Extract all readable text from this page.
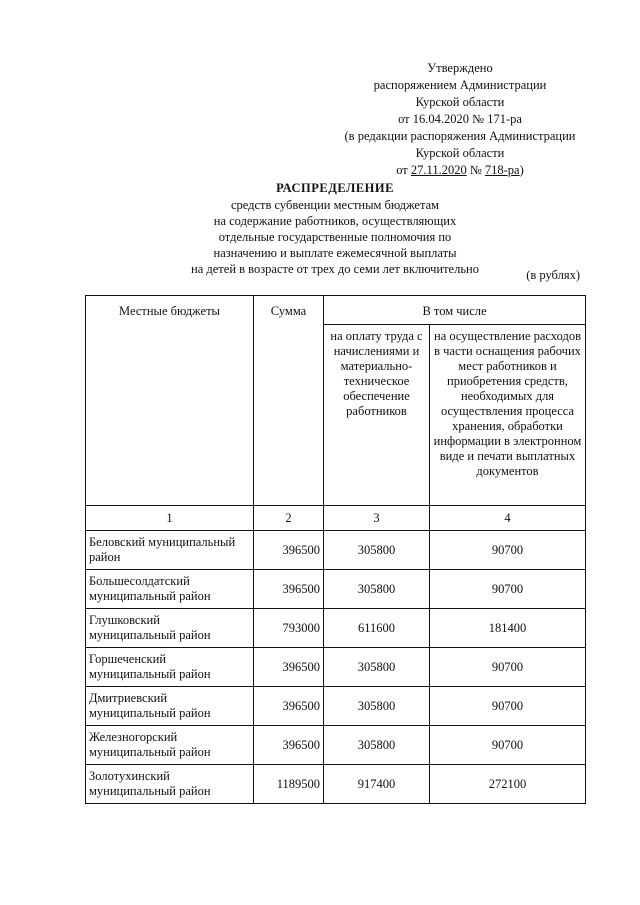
Утверждено
распоряжением Администрации
Курской области
от 16.04.2020 № 171-ра
(в редакции распоряжения Администрации
Курской области
от 27.11.2020 № 718-ра)
РАСПРЕДЕЛЕНИЕ
средств субвенции местным бюджетам
на содержание работников, осуществляющих
отдельные государственные полномочия по
назначению и выплате ежемесячной выплаты
на детей в возрасте от трех до семи лет включительно	(в рублях)
Местные бюджеты	Сумма	В том числе	
		на оплату труда с начислениями и материально-техническое обеспечение работников	на осуществление расходов в части оснащения рабочих мест работников и приобретения средств, необходимых для осуществления процесса хранения, обработки информации в электронном виде и печати выплатных документов
1	2	3	4
Беловский муниципальный район	396500	305800	90700
Большесолдатский муниципальный район	396500	305800	90700
Глушковский муниципальный район	793000	611600	181400
Горшеченский муниципальный район	396500	305800	90700
Дмитриевский муниципальный район	396500	305800	90700
Железногорский муниципальный район	396500	305800	90700
Золотухинский муниципальный район	1189500	917400	272100
